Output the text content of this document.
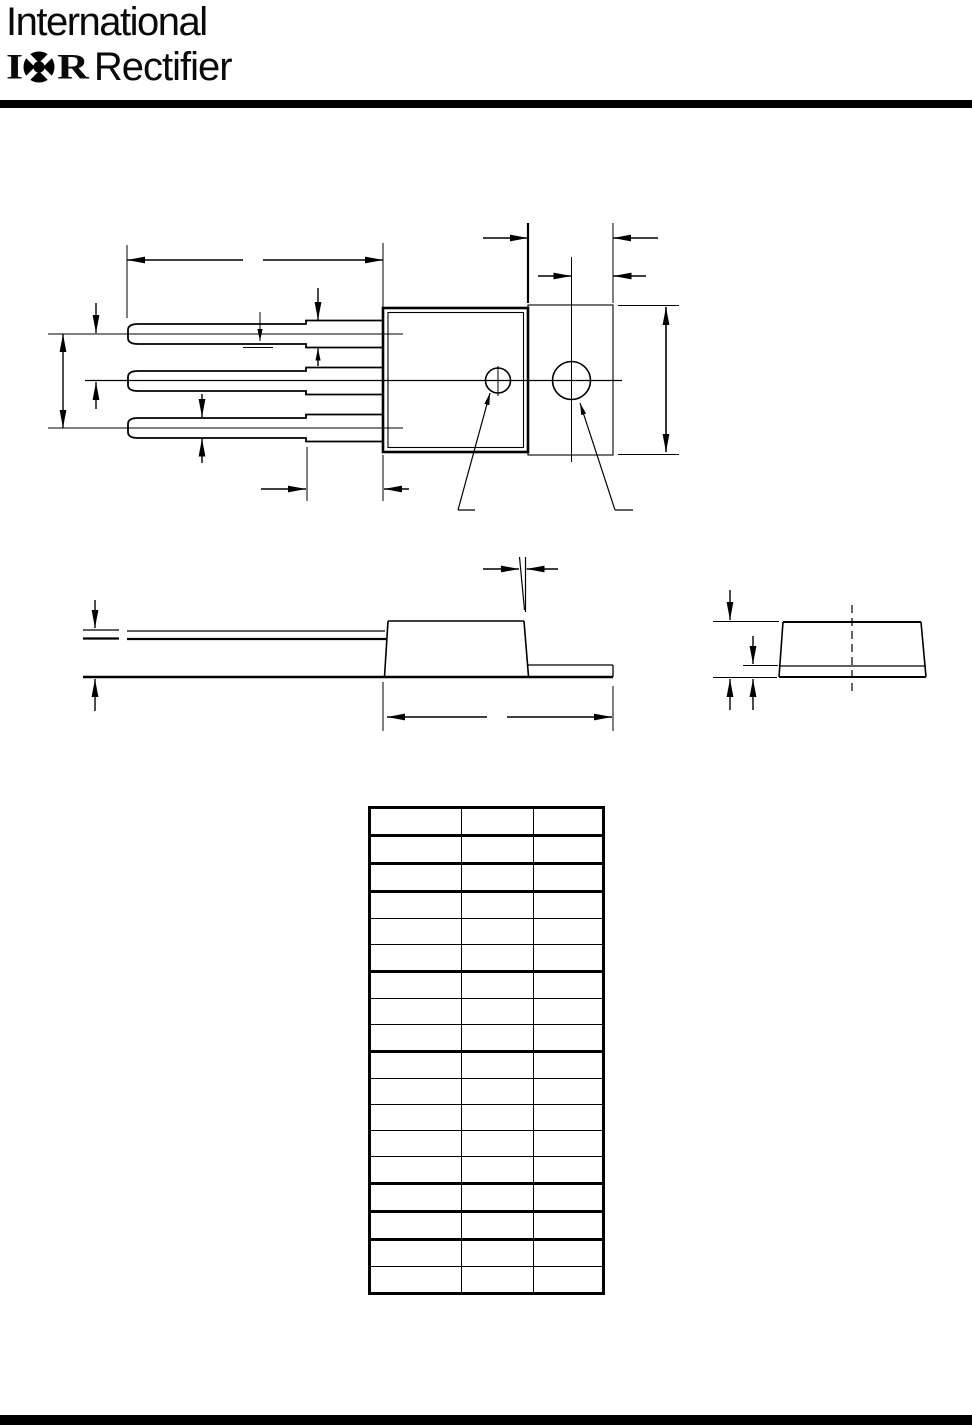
International
I R Rectifier
